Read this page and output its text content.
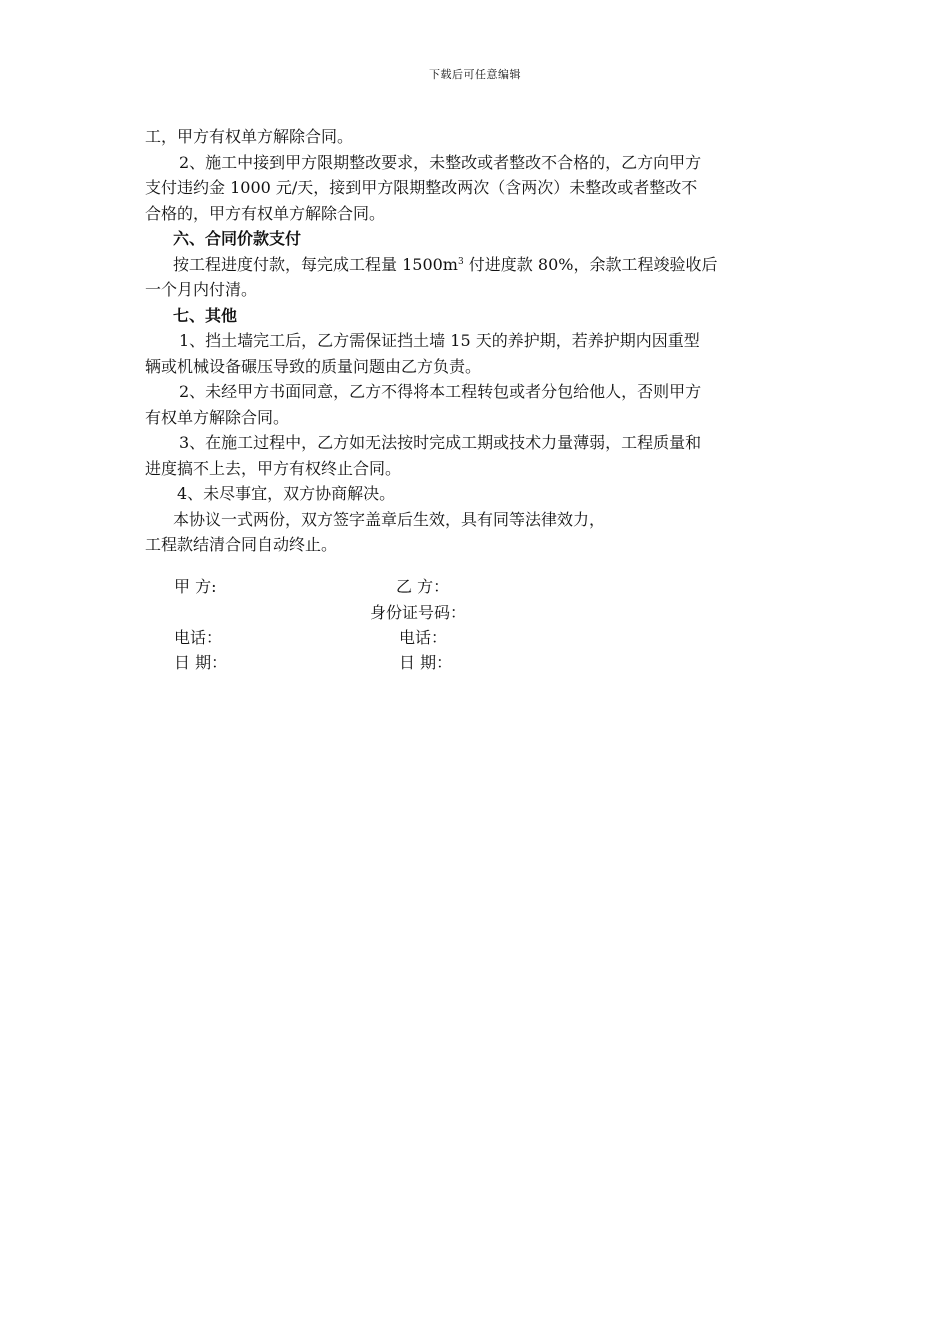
下载后可任意编辑
工，甲方有权单方解除合同。
2、施工中接到甲方限期整改要求，未整改或者整改不合格的，乙方向甲方
支付违约金 1000 元/天，接到甲方限期整改两次（含两次）未整改或者整改不
合格的，甲方有权单方解除合同。
六、合同价款支付
按工程进度付款，每完成工程量 $1500m^3$ 付进度款 80%，余款工程竣验收后
一个月内付清。
七、其他
1、挡土墙完工后，乙方需保证挡土墙 15 天的养护期，若养护期内因重型
辆或机械设备碾压导致的质量问题由乙方负责。
2、未经甲方书面同意，乙方不得将本工程转包或者分包给他人，否则甲方
有权单方解除合同。
3、在施工过程中，乙方如无法按时完成工期或技术力量薄弱，工程质量和
进度搞不上去，甲方有权终止合同。
4、未尽事宜，双方协商解决。
本协议一式两份，双方签字盖章后生效，具有同等法律效力，
工程款结清合同自动终止。
甲 方:	乙 方：
身份证号码：
电话：	电话：
日 期：	日 期：
